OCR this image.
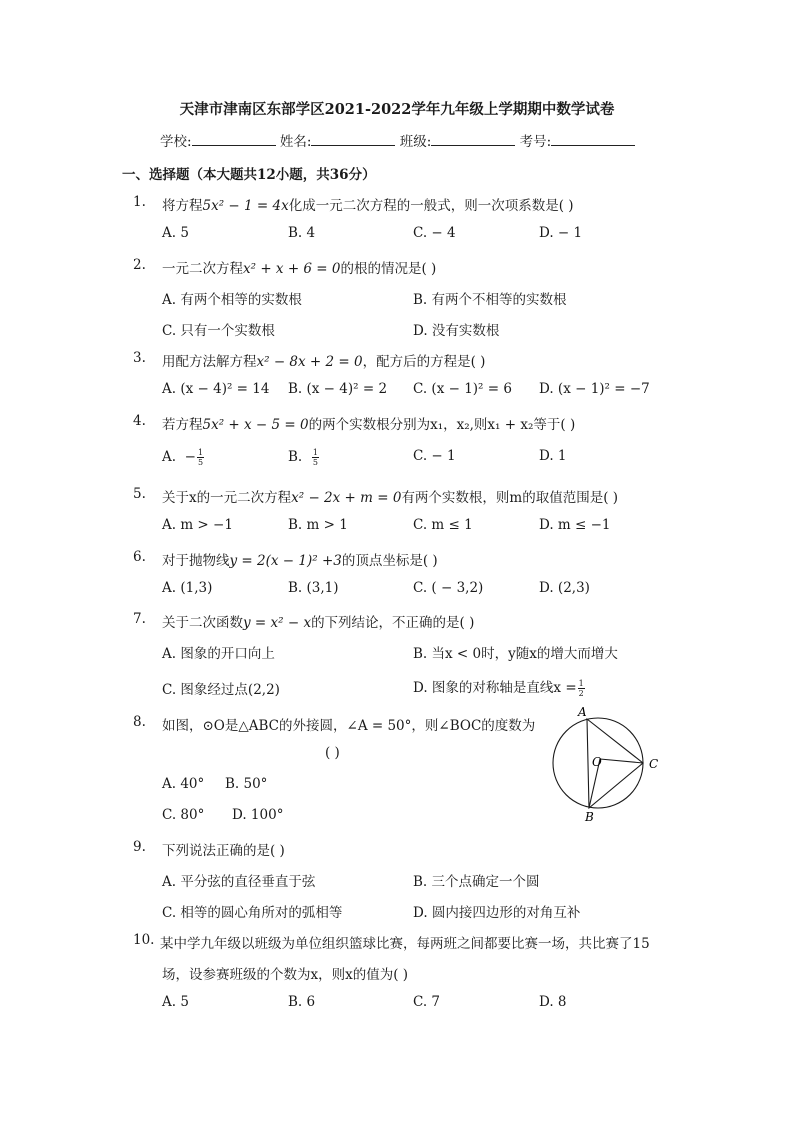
天津市津南区东部学区2021-2022学年九年级上学期期中数学试卷
学校:	姓名:	班级:	考号:
一、选择题（本大题共12小题，共36分）
1. 将方程5x² − 1 = 4x化成一元二次方程的一般式，则一次项系数是( )
A. 5	B. 4	C. − 4	D. − 1
2. 一元二次方程x² + x + 6 = 0的根的情况是( )
A. 有两个相等的实数根	B. 有两个不相等的实数根
C. 只有一个实数根	D. 没有实数根
3. 用配方法解方程x² − 8x + 2 = 0，配方后的方程是( )
A. (x − 4)² = 14 B. (x − 4)² = 2 C. (x − 1)² = 6 D. (x − 1)² = −7
4. 若方程5x² + x − 5 = 0的两个实数根分别为x₁，x₂,则x₁ + x₂等于( )
A. − $\frac{1}{5}$	B. $\frac{1}{5}$	C. − 1	D. 1
5. 关于x的一元二次方程x² − 2x + m = 0有两个实数根，则m的取值范围是( )
A. m > −1	B. m > 1	C. m ≤ 1	D. m ≤ −1
6. 对于抛物线y = 2(x − 1)² +3的顶点坐标是( )
A. (1,3)	B. (3,1)	C. ( − 3,2)	D. (2,3)
7. 关于二次函数y = x² − x的下列结论，不正确的是( )
A. 图象的开口向上	B. 当x < 0时，y随x的增大而增大
C. 图象经过点(2,2)	D. 图象的对称轴是直线$x = \frac{1}{2}$
8. 如图，⊙O是△ABC的外接圆，∠A = 50°，则∠BOC的度数为
( )
A. 40° B. 50°
C. 80° D. 100°
A
O	C
B
9. 下列说法正确的是( )
A. 平分弦的直径垂直于弦	B. 三个点确定一个圆
C. 相等的圆心角所对的弧相等	D. 圆内接四边形的对角互补
10. 某中学九年级以班级为单位组织篮球比赛，每两班之间都要比赛一场，共比赛了15
场，设参赛班级的个数为x，则x的值为( )
A. 5	B. 6	C. 7	D. 8
